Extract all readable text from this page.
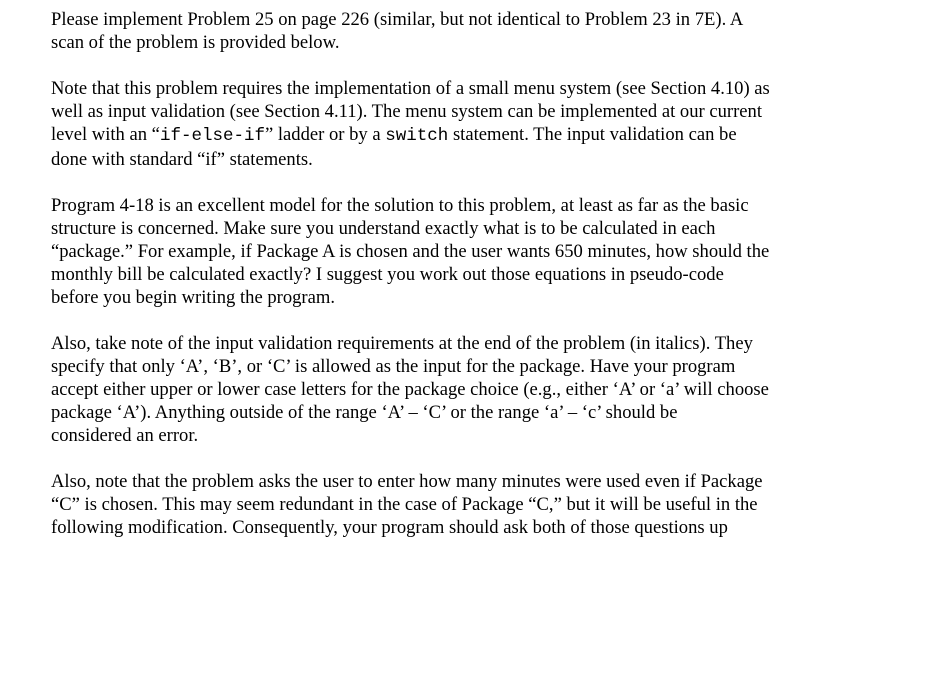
Please implement Problem 25 on page 226 (similar, but not identical to Problem 23 in 7E). A
scan of the problem is provided below.

Note that this problem requires the implementation of a small menu system (see Section 4.10) as
well as input validation (see Section 4.11). The menu system can be implemented at our current
level with an “if-else-if” ladder or by a switch statement. The input validation can be
done with standard “if” statements.

Program 4-18 is an excellent model for the solution to this problem, at least as far as the basic
structure is concerned. Make sure you understand exactly what is to be calculated in each
“package.” For example, if Package A is chosen and the user wants 650 minutes, how should the
monthly bill be calculated exactly? I suggest you work out those equations in pseudo-code
before you begin writing the program.

Also, take note of the input validation requirements at the end of the problem (in italics). They
specify that only ‘A’, ‘B’, or ‘C’ is allowed as the input for the package. Have your program
accept either upper or lower case letters for the package choice (e.g., either ‘A’ or ‘a’ will choose
package ‘A’). Anything outside of the range ‘A’ – ‘C’ or the range ‘a’ – ‘c’ should be
considered an error.

Also, note that the problem asks the user to enter how many minutes were used even if Package
“C” is chosen. This may seem redundant in the case of Package “C,” but it will be useful in the
following modification. Consequently, your program should ask both of those questions up
